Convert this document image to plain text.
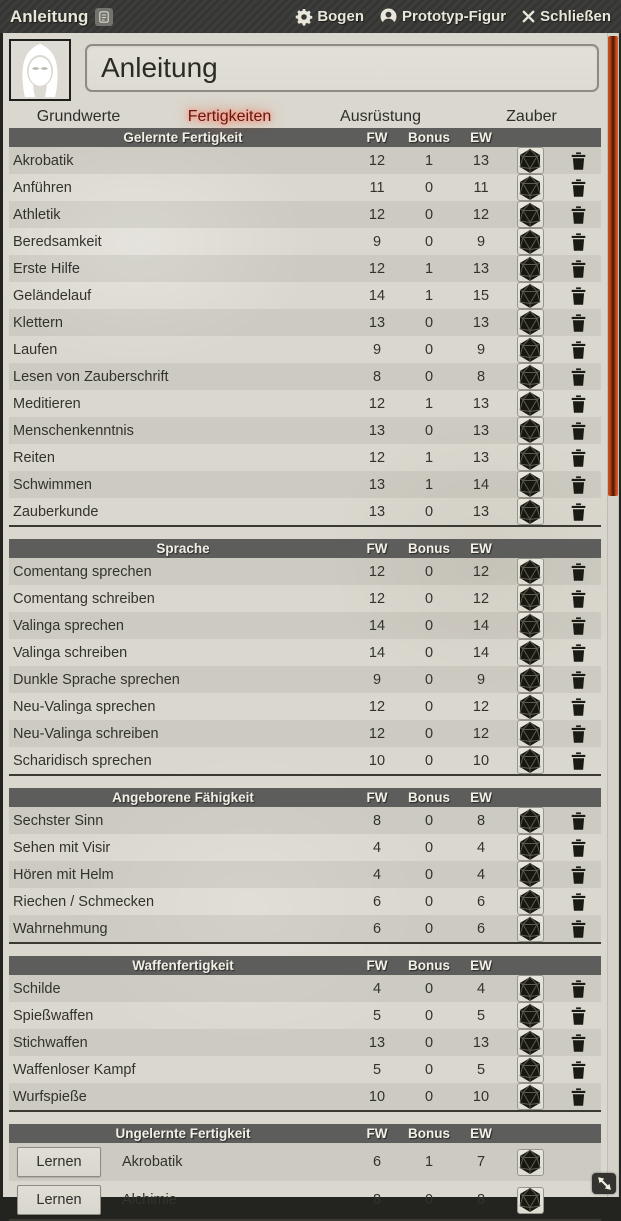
Anleitung	Bogen	Prototyp-Figur Schließen
Anleitung
Grundwerte	Fertigkeiten	Ausrüstung	Zauber
Gelernte Fertigkeit	FW	Bonus	EW
Akrobatik	12	1	13
Anführen	11	0	11
Athletik	12	0	12
Beredsamkeit	9	0	9
Erste Hilfe	12	1	13
Geländelauf	14	1	15
Klettern	13	0	13
Laufen	9	0	9
Lesen von Zauberschrift	8	0	8
Meditieren	12	1	13
Menschenkenntnis	13	0	13
Reiten	12	1	13
Schwimmen	13	1	14
Zauberkunde	13	0	13
Sprache	FW	Bonus	EW
Comentang sprechen	12	0	12
Comentang schreiben	12	0	12
Valinga sprechen	14	0	14
Valinga schreiben	14	0	14
Dunkle Sprache sprechen	9	0	9
Neu-Valinga sprechen	12	0	12
Neu-Valinga schreiben	12	0	12
Scharidisch sprechen	10	0	10
Angeborene Fähigkeit	FW	Bonus	EW
Sechster Sinn	8	0	8
Sehen mit Visir	4	0	4
Hören mit Helm	4	0	4
Riechen / Schmecken	6	0	6
Wahrnehmung	6	0	6
Waffenfertigkeit	FW	Bonus	EW
Schilde	4	0	4
Spießwaffen	5	0	5
Stichwaffen	13	0	13
Waffenloser Kampf	5	0	5
Wurfspieße	10	0	10
Ungelernte Fertigkeit	FW	Bonus	EW
Lernen	Akrobatik	6	1	7
Lernen	Alchimie	8	0	8
